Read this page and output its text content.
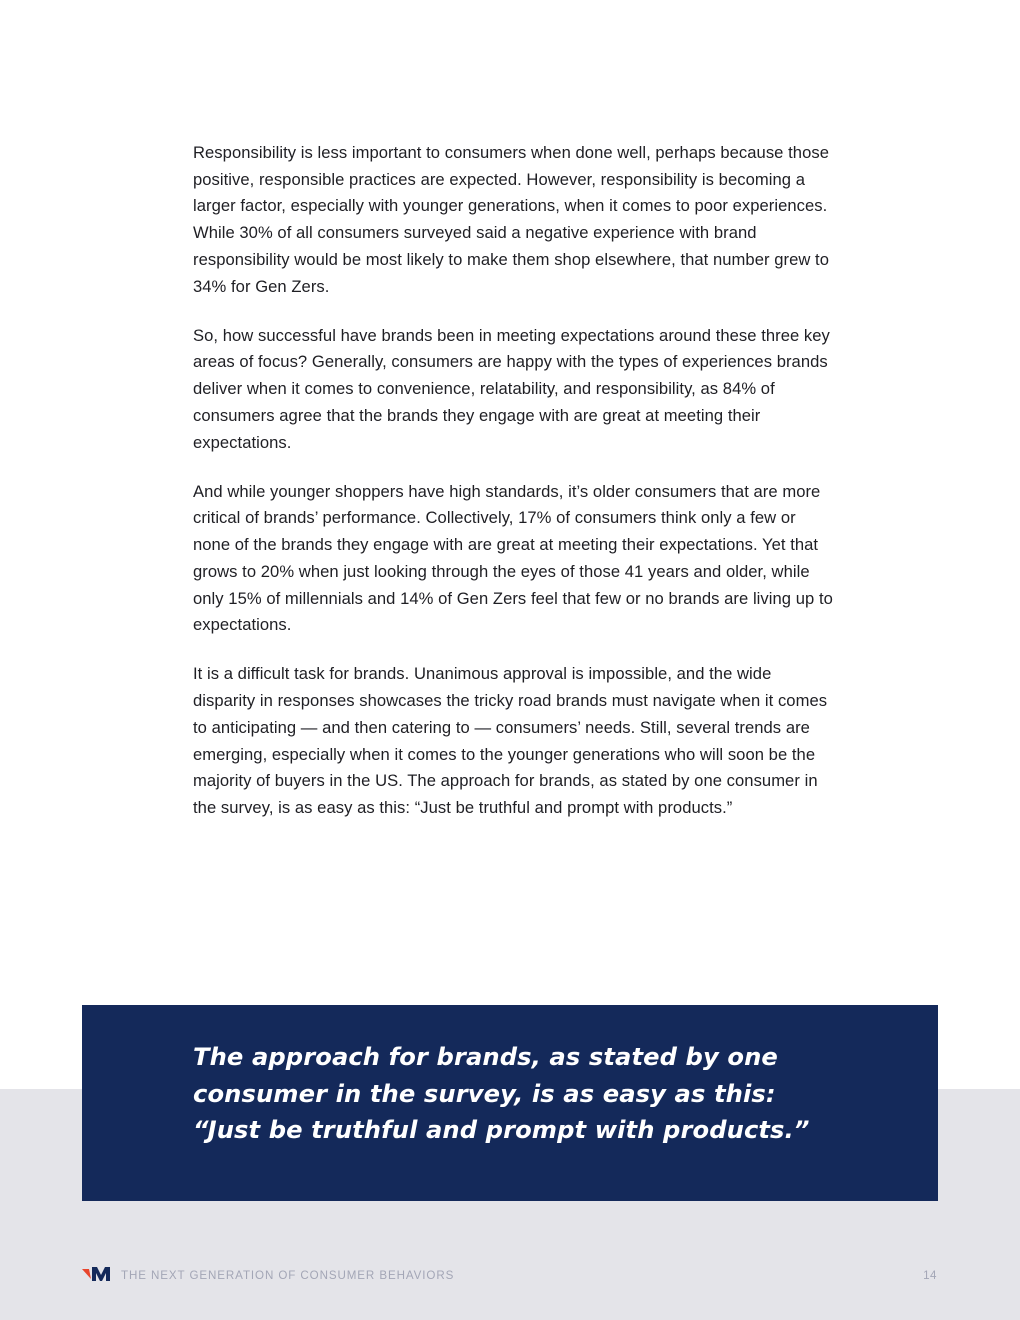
Responsibility is less important to consumers when done well, perhaps because those positive, responsible practices are expected. However, responsibility is becoming a larger factor, especially with younger generations, when it comes to poor experiences. While 30% of all consumers surveyed said a negative experience with brand responsibility would be most likely to make them shop elsewhere, that number grew to 34% for Gen Zers.

So, how successful have brands been in meeting expectations around these three key areas of focus? Generally, consumers are happy with the types of experiences brands deliver when it comes to convenience, relatability, and responsibility, as 84% of consumers agree that the brands they engage with are great at meeting their expectations.

And while younger shoppers have high standards, it’s older consumers that are more critical of brands’ performance. Collectively, 17% of consumers think only a few or none of the brands they engage with are great at meeting their expectations. Yet that grows to 20% when just looking through the eyes of those 41 years and older, while only 15% of millennials and 14% of Gen Zers feel that few or no brands are living up to expectations.

It is a difficult task for brands. Unanimous approval is impossible, and the wide disparity in responses showcases the tricky road brands must navigate when it comes to anticipating — and then catering to — consumers’ needs. Still, several trends are emerging, especially when it comes to the younger generations who will soon be the majority of buyers in the US. The approach for brands, as stated by one consumer in the survey, is as easy as this: “Just be truthful and prompt with products.”

The approach for brands, as stated by one consumer in the survey, is as easy as this: “Just be truthful and prompt with products.”

THE NEXT GENERATION OF CONSUMER BEHAVIORS	14
